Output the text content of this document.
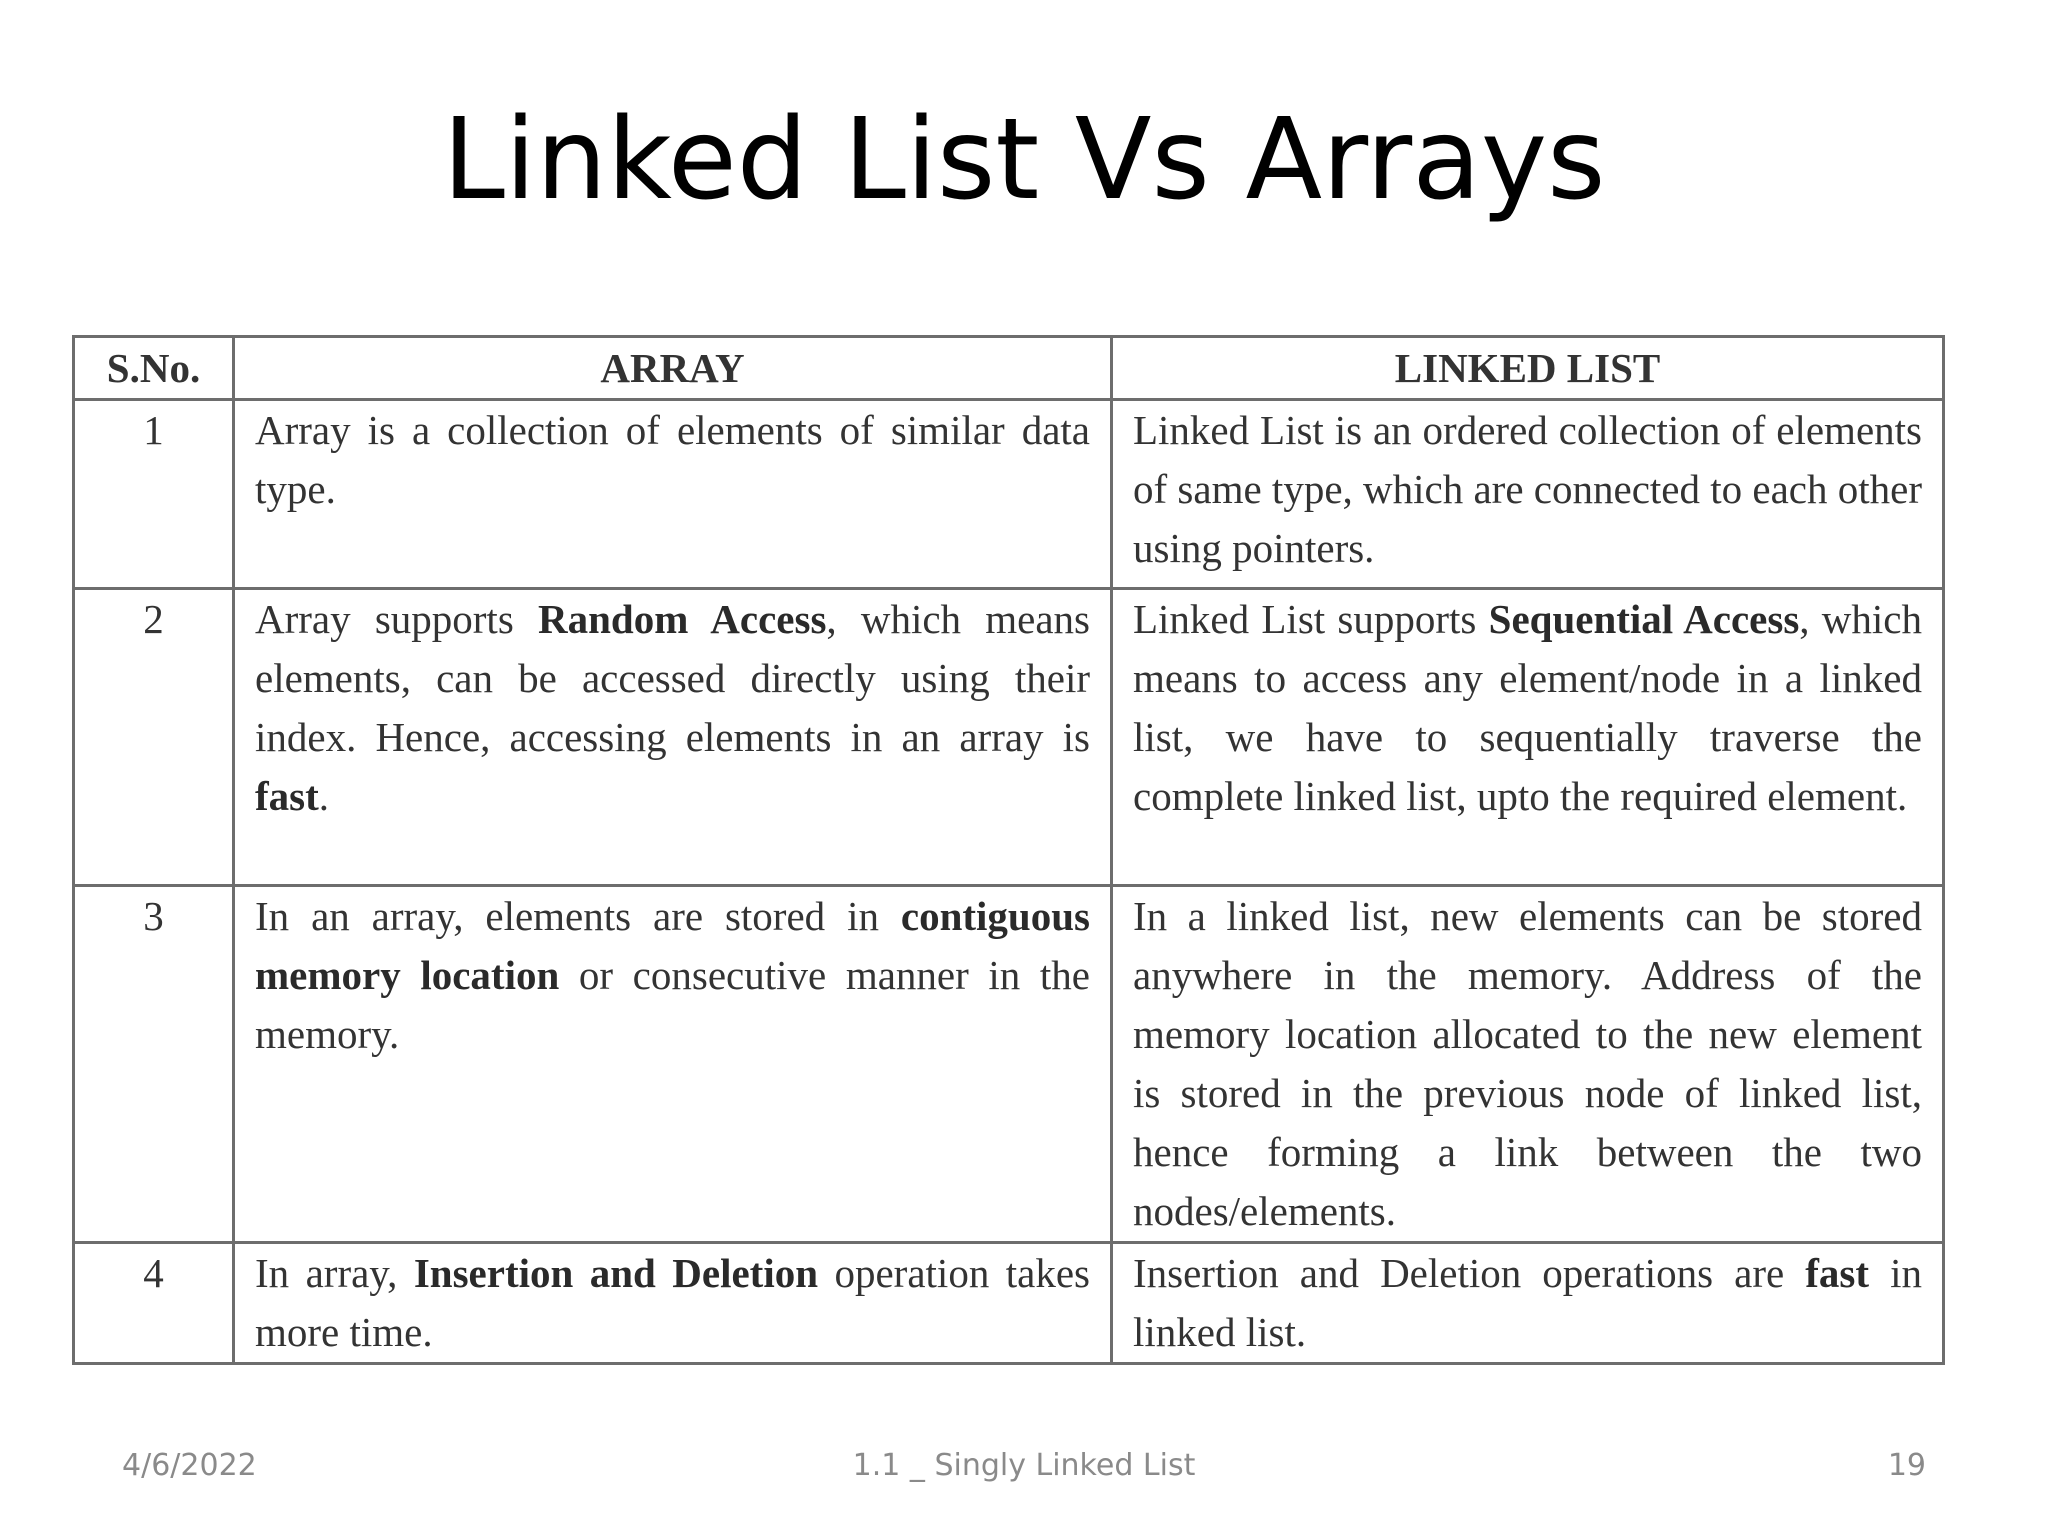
Linked List Vs Arrays
S.No.	ARRAY	LINKED LIST
1	Array is a collection of elements of similar data type.	Linked List is an ordered collection of elements of same type, which are connected to each other using pointers.

2	Array supports Random Access, which means elements, can be accessed directly using their index. Hence, accessing elements in an array is fast.	Linked List supports Sequential Access, which means to access any element/node in a linked list, we have to sequentially traverse the complete linked list, upto the required element.

3	In an array, elements are stored in contiguous memory location or consecutive manner in the memory.	In a linked list, new elements can be stored anywhere in the memory. Address of the memory location allocated to the new element is stored in the previous node of linked list, hence forming a link between the two nodes/elements.

4	In array, Insertion and Deletion operation takes more time.	Insertion and Deletion operations are fast in linked list.

4/6/2022	1.1 _ Singly Linked List	19
